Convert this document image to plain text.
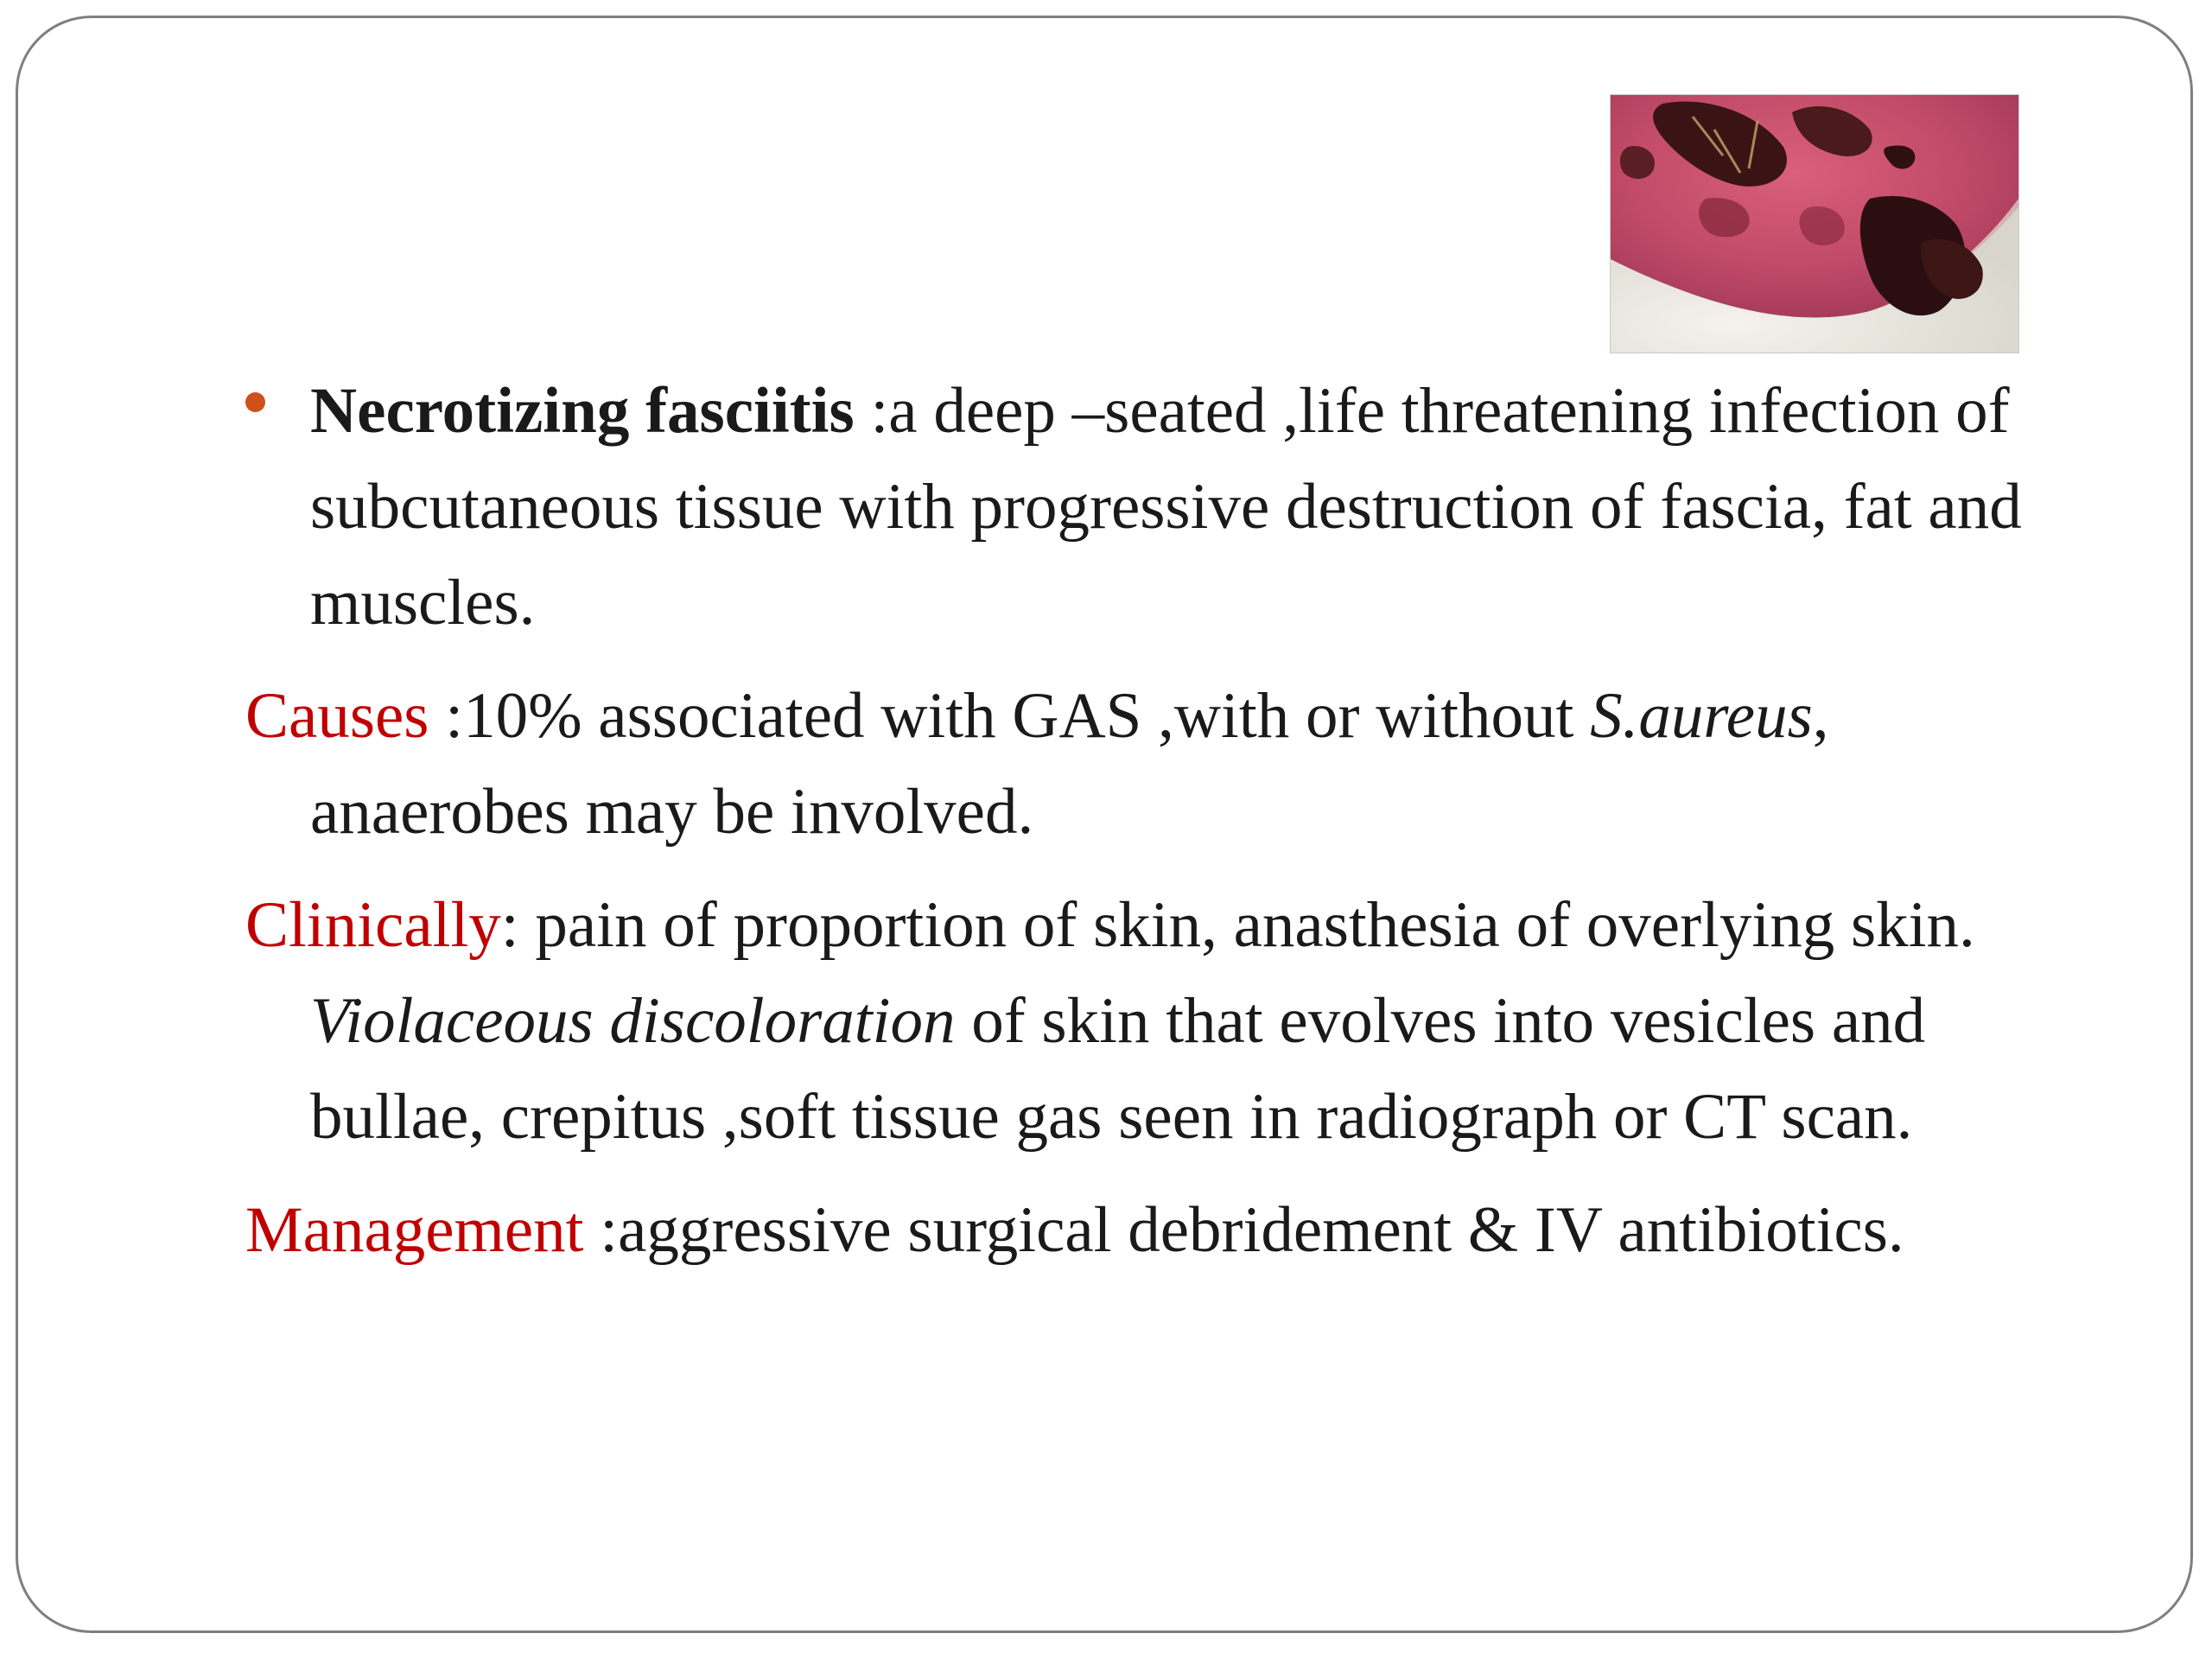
Necrotizing fasciitis :a deep –seated ,life threatening infection of subcutaneous tissue with progressive destruction of fascia, fat and muscles.

Causes :10% associated with GAS ,with or without S.aureus, anaerobes may be involved.

Clinically: pain of proportion of skin, anasthesia of overlying skin. Violaceous discoloration of skin that evolves into vesicles and bullae, crepitus ,soft tissue gas seen in radiograph or CT scan.

Management :aggressive surgical debridement & IV antibiotics.
